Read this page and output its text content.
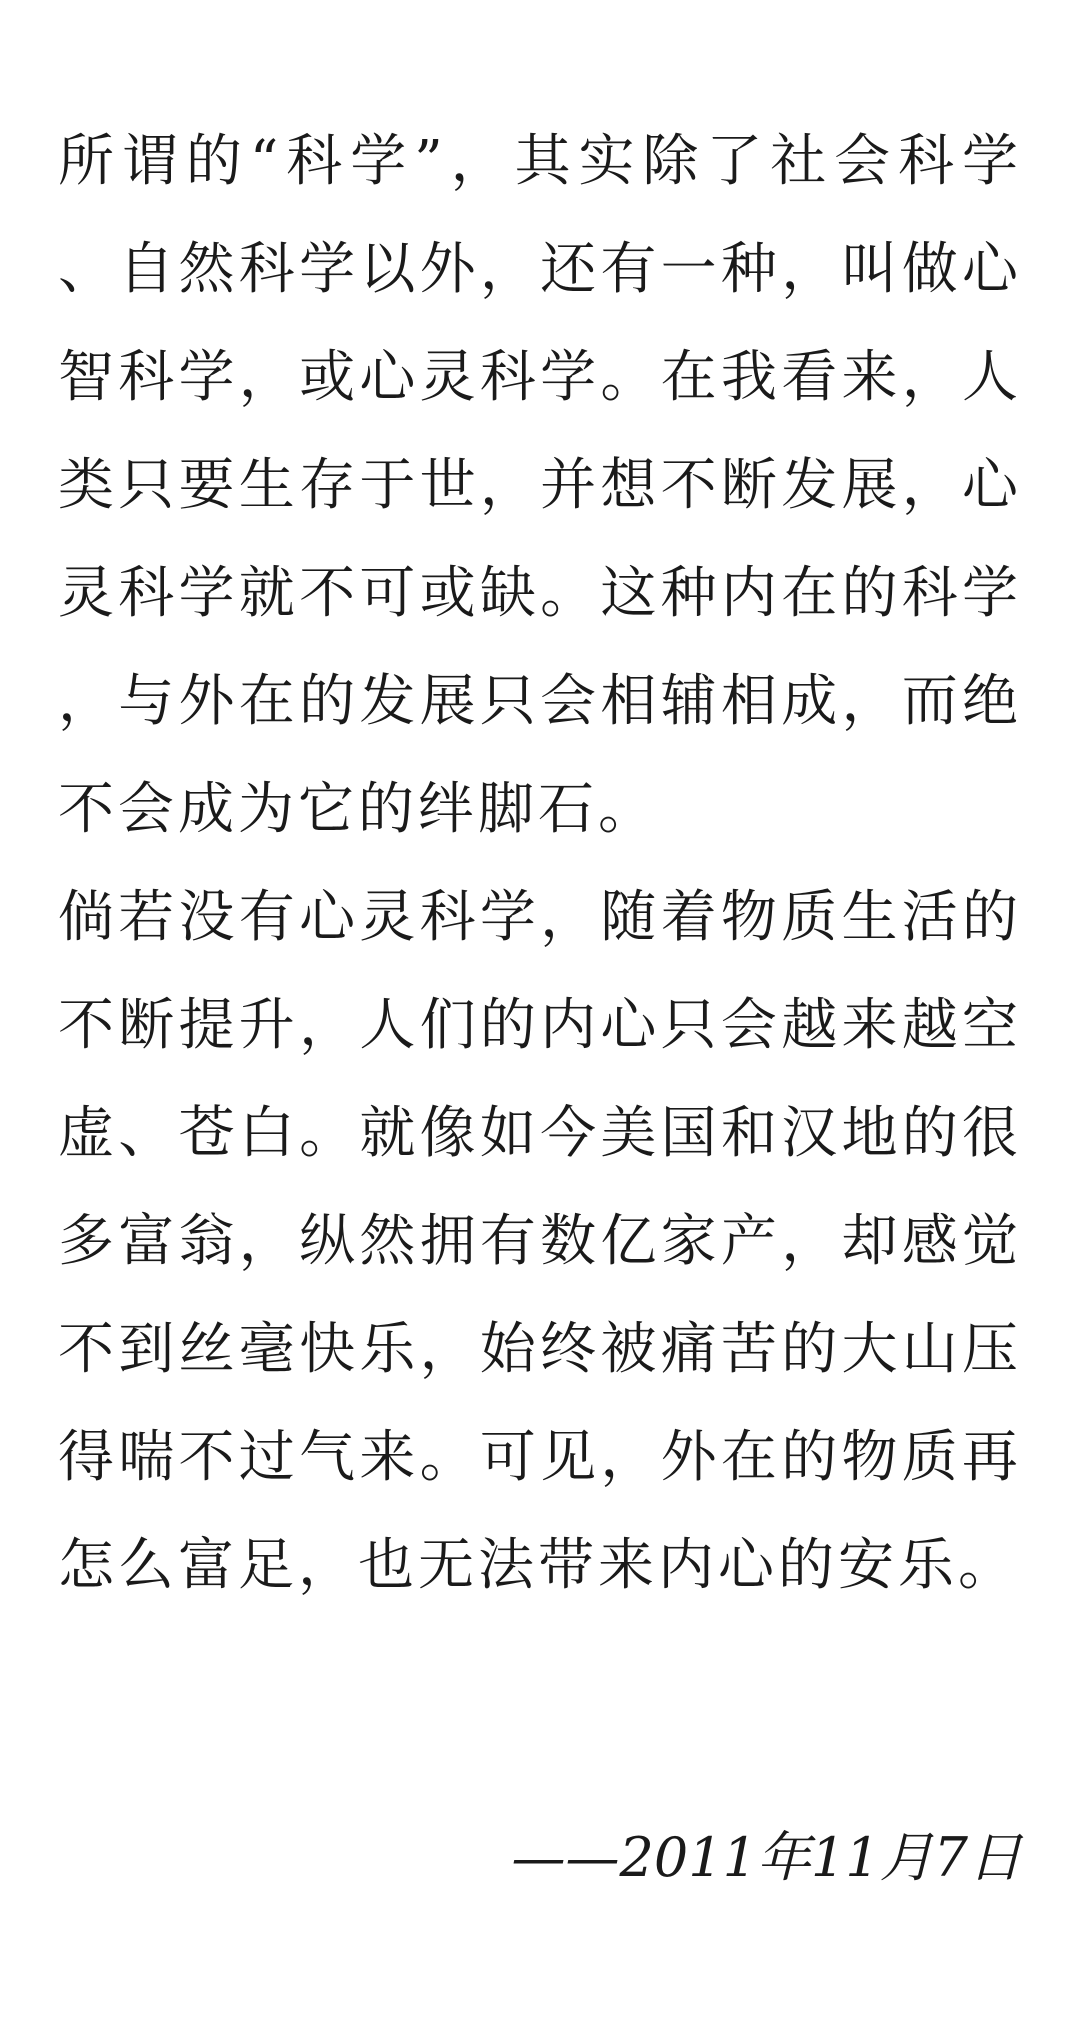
所谓的“科学”，其实除了社会科学、自然科学以外，还有一种，叫做心智科学，或心灵科学。在我看来，人类只要生存于世，并想不断发展，心灵科学就不可或缺。这种内在的科学，与外在的发展只会相辅相成，而绝不会成为它的绊脚石。

倘若没有心灵科学，随着物质生活的不断提升，人们的内心只会越来越空虚、苍白。就像如今美国和汉地的很多富翁，纵然拥有数亿家产，却感觉不到丝毫快乐，始终被痛苦的大山压得喘不过气来。可见，外在的物质再怎么富足，也无法带来内心的安乐。

——2011年11月7日
